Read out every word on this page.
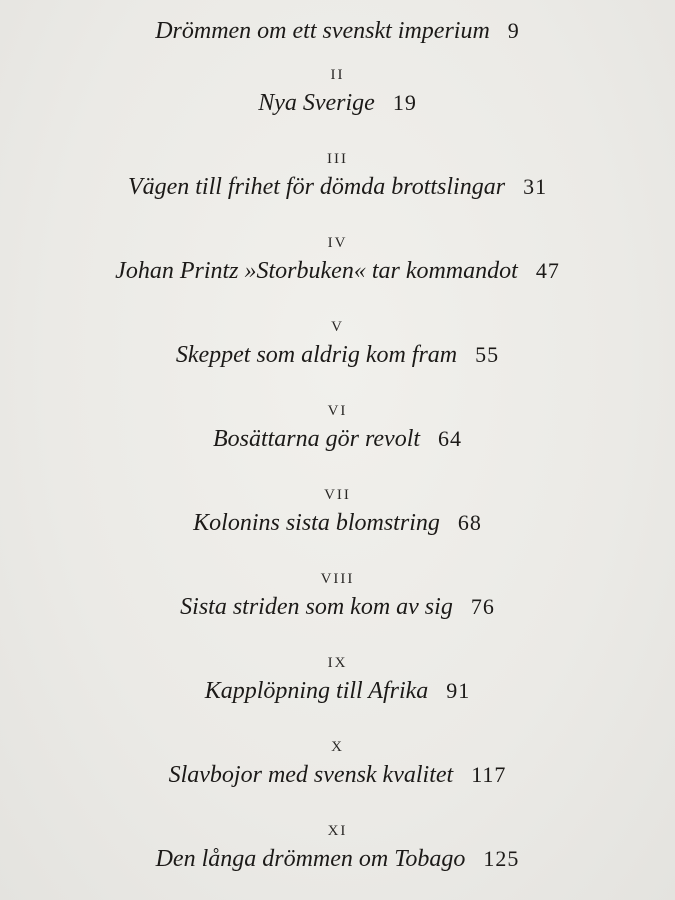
Drömmen om ett svenskt imperium 9
II
Nya Sverige 19
III
Vägen till frihet för dömda brottslingar 31
IV
Johan Printz »Storbuken« tar kommandot 47
V
Skeppet som aldrig kom fram 55
VI
Bosättarna gör revolt 64
VII
Kolonins sista blomstring 68
VIII
Sista striden som kom av sig 76
IX
Kapplöpning till Afrika 91
X
Slavbojor med svensk kvalitet 117
XI
Den långa drömmen om Tobago 125
